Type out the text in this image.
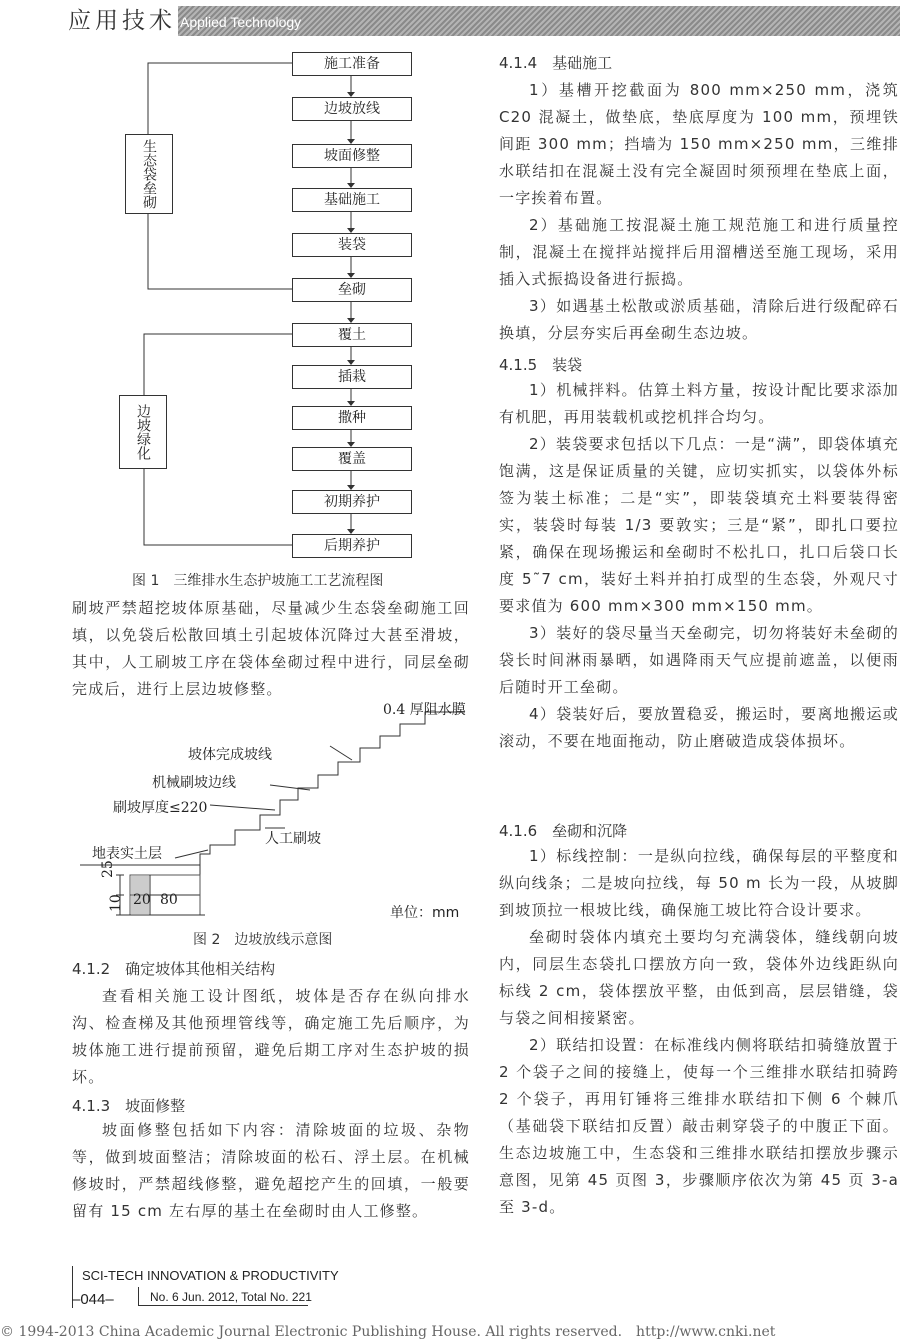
应用技术 Applied Technology
施工准备
边坡放线
坡面修整
基础施工
装袋
垒砌
覆土
插栽
撒种
覆盖
初期养护
后期养护
生态袋垒砌
边坡绿化
图 1　三维排水生态护坡施工工艺流程图

刷坡严禁超挖坡体原基础，尽量减少生态袋垒砌施工回填，以免袋后松散回填土引起坡体沉降过大甚至滑坡，其中，人工刷坡工序在袋体垒砌过程中进行，同层垒砌完成后，进行上层边坡修整。

0.4 厚阻水膜
坡体完成坡线
机械刷坡边线
刷坡厚度≤220
人工刷坡
地表实土层
25
10 20 80
单位：mm
图 2　边坡放线示意图
4.1.2　确定坡体其他相关结构

查看相关施工设计图纸，坡体是否存在纵向排水沟、检查梯及其他预埋管线等，确定施工先后顺序，为坡体施工进行提前预留，避免后期工序对生态护坡的损坏。

4.1.3　坡面修整

坡面修整包括如下内容：清除坡面的垃圾、杂物等，做到坡面整洁；清除坡面的松石、浮土层。在机械修坡时，严禁超线修整，避免超挖产生的回填，一般要留有 15 cm 左右厚的基土在垒砌时由人工修整。

4.1.4　基础施工

1）基槽开挖截面为 800 mm×250 mm，浇筑 C20 混凝土，做垫底，垫底厚度为 100 mm，预埋铁间距 300 mm；挡墙为 150 mm×250 mm，三维排水联结扣在混凝土没有完全凝固时须预埋在垫底上面，一字挨着布置。

2）基础施工按混凝土施工规范施工和进行质量控制，混凝土在搅拌站搅拌后用溜槽送至施工现场，采用插入式振捣设备进行振捣。

3）如遇基土松散或淤质基础，清除后进行级配碎石换填，分层夯实后再垒砌生态边坡。

4.1.5　装袋

1）机械拌料。估算土料方量，按设计配比要求添加有机肥，再用装载机或挖机拌合均匀。

2）装袋要求包括以下几点：一是“满”，即袋体填充饱满，这是保证质量的关键，应切实抓实，以袋体外标签为装土标准；二是“实”，即装袋填充土料要装得密实，装袋时每装 1/3 要敦实；三是“紧”，即扎口要拉紧，确保在现场搬运和垒砌时不松扎口，扎口后袋口长度 5˜7 cm，装好土料并拍打成型的生态袋，外观尺寸要求值为 600 mm×300 mm×150 mm。

3）装好的袋尽量当天垒砌完，切勿将装好未垒砌的袋长时间淋雨暴晒，如遇降雨天气应提前遮盖，以便雨后随时开工垒砌。

4）袋装好后，要放置稳妥，搬运时，要离地搬运或滚动，不要在地面拖动，防止磨破造成袋体损坏。

4.1.6　垒砌和沉降

1）标线控制：一是纵向拉线，确保每层的平整度和纵向线条；二是坡向拉线，每 50 m 长为一段，从坡脚到坡顶拉一根坡比线，确保施工坡比符合设计要求。

垒砌时袋体内填充土要均匀充满袋体，缝线朝向坡内，同层生态袋扎口摆放方向一致，袋体外边线距纵向标线 2 cm，袋体摆放平整，由低到高，层层错缝，袋与袋之间相接紧密。

2）联结扣设置：在标准线内侧将联结扣骑缝放置于 2 个袋子之间的接缝上，使每一个三维排水联结扣骑跨 2 个袋子，再用钉锤将三维排水联结扣下侧 6 个棘爪（基础袋下联结扣反置）敲击刺穿袋子的中腹正下面。生态边坡施工中，生态袋和三维排水联结扣摆放步骤示意图，见第 45 页图 3，步骤顺序依次为第 45 页 3-a 至 3-d。

SCI-TECH INNOVATION & PRODUCTIVITY
–044–	No. 6 Jun. 2012, Total No. 221
© 1994-2013 China Academic Journal Electronic Publishing House. All rights reserved.　http://www.cnki.net
